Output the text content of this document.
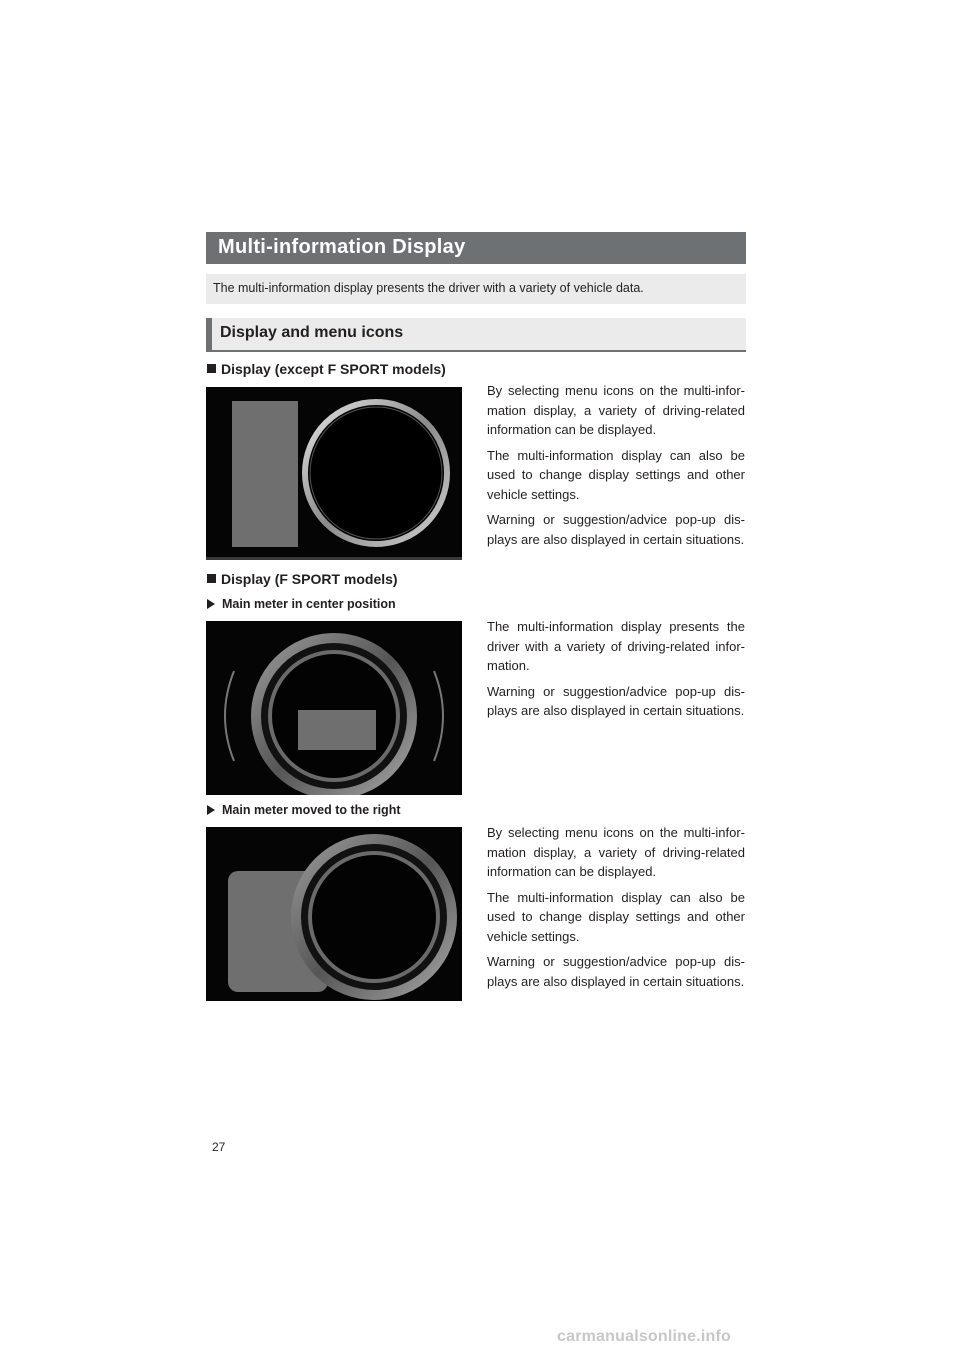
Multi-information Display
The multi-information display presents the driver with a variety of vehicle data.
Display and menu icons
Display (except F SPORT models)

By selecting menu icons on the multi-infor-mation display, a variety of driving-related information can be displayed.

The multi-information display can also be used to change display settings and other vehicle settings.

Warning or suggestion/advice pop-up dis-plays are also displayed in certain situations.

Display (F SPORT models)
Main meter in center position

The multi-information display presents the driver with a variety of driving-related infor-mation.

Warning or suggestion/advice pop-up dis-plays are also displayed in certain situations.

Main meter moved to the right

By selecting menu icons on the multi-infor-mation display, a variety of driving-related information can be displayed.

The multi-information display can also be used to change display settings and other vehicle settings.

Warning or suggestion/advice pop-up dis-plays are also displayed in certain situations.

27
carmanualsonline.info
